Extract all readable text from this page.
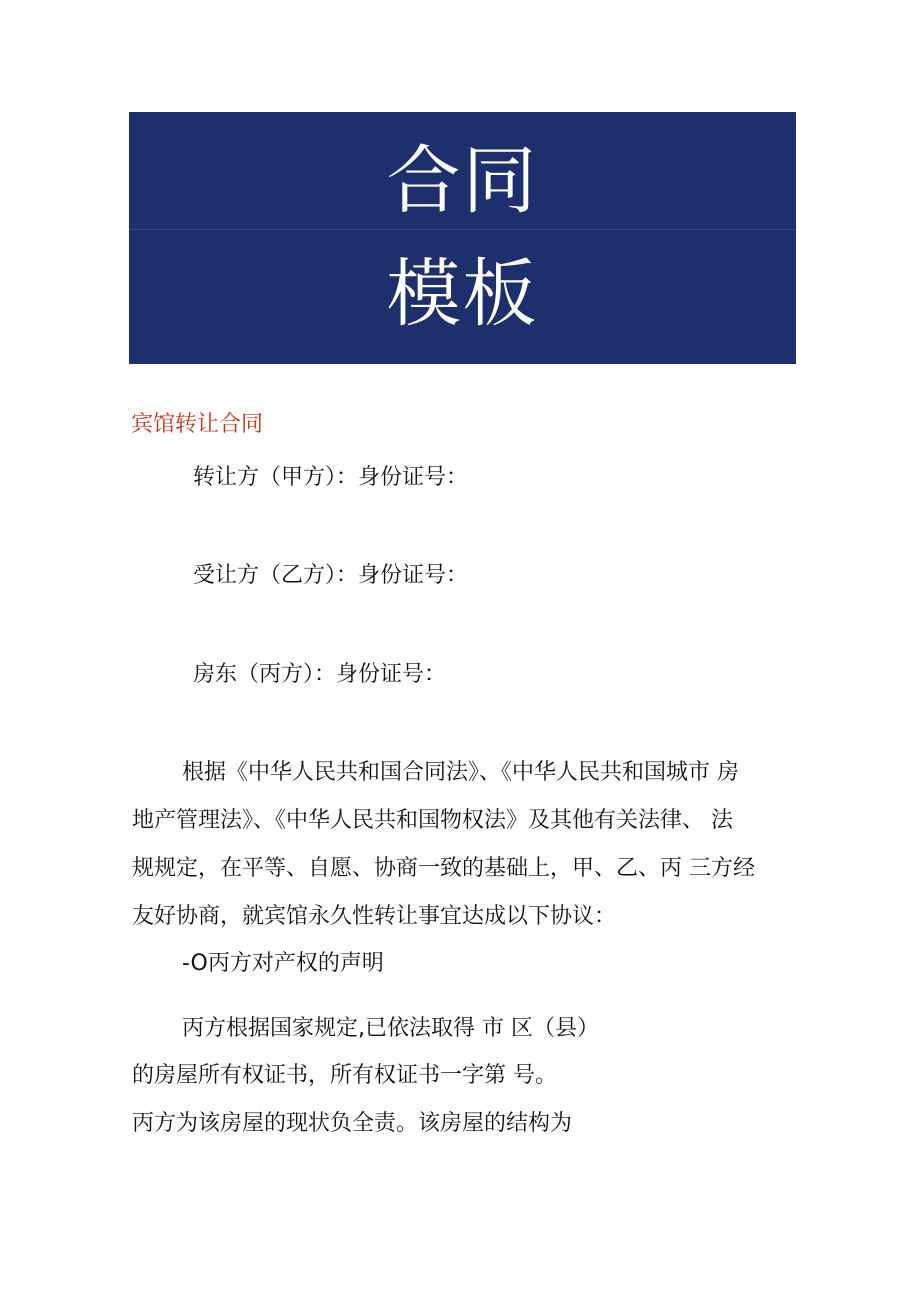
合同
模板
宾馆转让合同
转让方（甲方）：身份证号：
受让方（乙方）：身份证号：
房东（丙方）：身份证号：
根据《中华人民共和国合同法》、《中华人民共和国城市 房
地产管理法》、《中华人民共和国物权法》及其他有关法律、 法
规规定，在平等、自愿、协商一致的基础上，甲、乙、丙 三方经
友好协商，就宾馆永久性转让事宜达成以下协议：
-O丙方对产权的声明
丙方根据国家规定,已依法取得 市 区（县）
的房屋所有权证书，所有权证书一字第 号。
丙方为该房屋的现状负全责。该房屋的结构为
